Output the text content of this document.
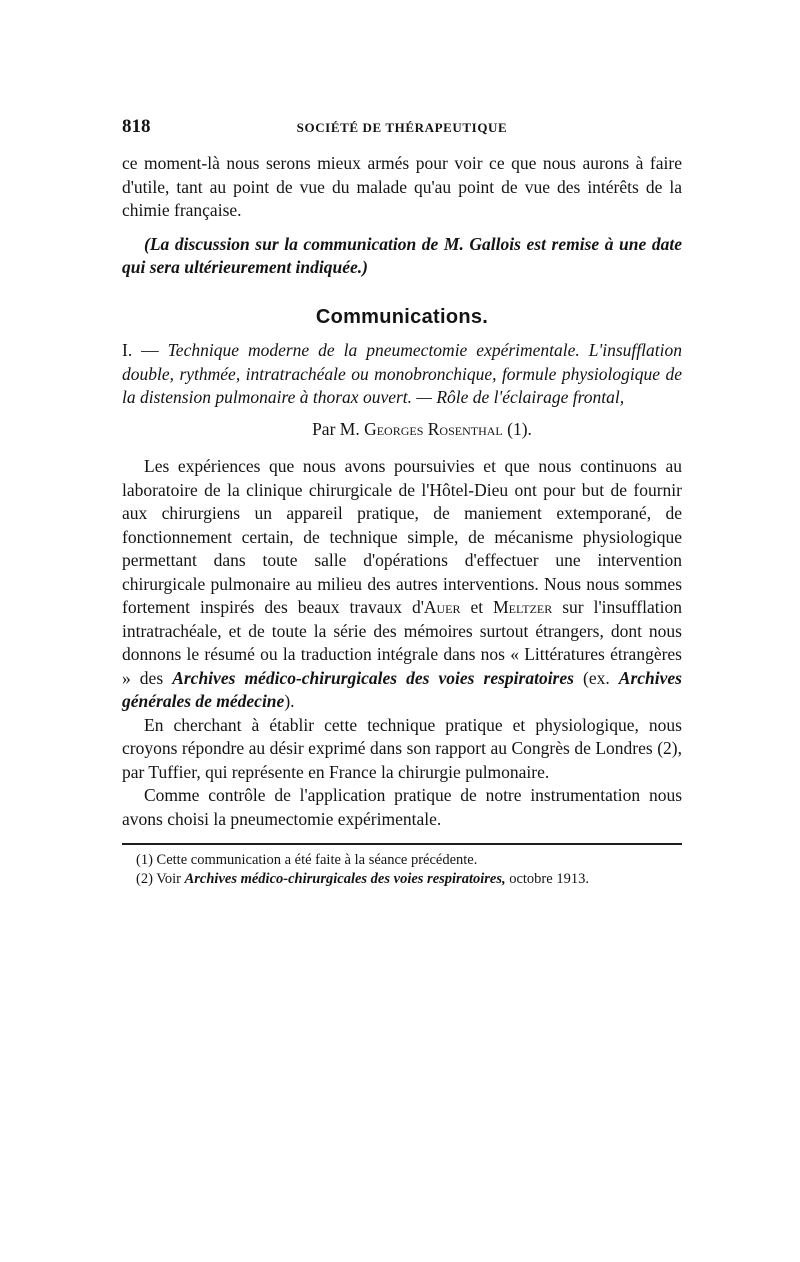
818	SOCIÉTÉ DE THÉRAPEUTIQUE

ce moment-là nous serons mieux armés pour voir ce que nous aurons à faire d'utile, tant au point de vue du malade qu'au point de vue des intérêts de la chimie française.

(La discussion sur la communication de M. Gallois est remise à une date qui sera ultérieurement indiquée.)

Communications.

I. — Technique moderne de la pneumectomie expérimentale. L'insufflation double, rythmée, intratrachéale ou monobronchique, formule physiologique de la distension pulmonaire à thorax ouvert. — Rôle de l'éclairage frontal,

Par M. Georges Rosenthal (1).

Les expériences que nous avons poursuivies et que nous continuons au laboratoire de la clinique chirurgicale de l'Hôtel-Dieu ont pour but de fournir aux chirurgiens un appareil pratique, de maniement extemporané, de fonctionnement certain, de technique simple, de mécanisme physiologique permettant dans toute salle d'opérations d'effectuer une intervention chirurgicale pulmonaire au milieu des autres interventions. Nous nous sommes fortement inspirés des beaux travaux d'Auer et Meltzer sur l'insufflation intratrachéale, et de toute la série des mémoires surtout étrangers, dont nous donnons le résumé ou la traduction intégrale dans nos « Littératures étrangères » des Archives médico-chirurgicales des voies respiratoires (ex. Archives générales de médecine).

En cherchant à établir cette technique pratique et physiologique, nous croyons répondre au désir exprimé dans son rapport au Congrès de Londres (2), par Tuffier, qui représente en France la chirurgie pulmonaire.

Comme contrôle de l'application pratique de notre instrumentation nous avons choisi la pneumectomie expérimentale.

(1) Cette communication a été faite à la séance précédente.

(2) Voir Archives médico-chirurgicales des voies respiratoires, octobre 1913.
